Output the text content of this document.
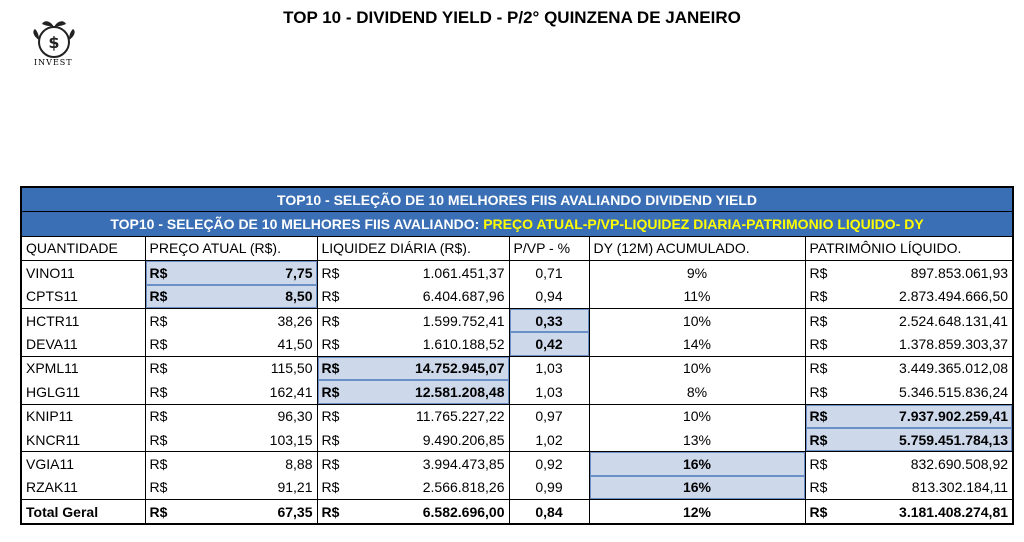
$
INVEST
TOP 10 - DIVIDEND YIELD - P/2° QUINZENA DE JANEIRO
TOP10 - SELEÇÃO DE 10 MELHORES FIIS AVALIANDO DIVIDEND YIELD					
TOP10 - SELEÇÃO DE 10 MELHORES FIIS AVALIANDO: PREÇO ATUAL-P/VP-LIQUIDEZ DIARIA-PATRIMONIO LIQUIDO- DY					
QUANTIDADE	PREÇO ATUAL (R$).	LIQUIDEZ DIÁRIA (R$).	P/VP - %	DY (12M) ACUMULADO.	PATRIMÔNIO LÍQUIDO.
VINO11	R$ 7,75	R$ 1.061.451,37	0,71	9%	R$ 897.853.061,93

CPTS11	R$ 8,50	R$ 6.404.687,96	0,94	11%	R$ 2.873.494.666,50

HCTR11	R$ 38,26	R$ 1.599.752,41	0,33	10%	R$ 2.524.648.131,41

DEVA11	R$ 41,50	R$ 1.610.188,52	0,42	14%	R$ 1.378.859.303,37

XPML11	R$ 115,50	R$ 14.752.945,07	1,03	10%	R$ 3.449.365.012,08

HGLG11	R$ 162,41	R$ 12.581.208,48	1,03	8%	R$ 5.346.515.836,24

KNIP11	R$ 96,30	R$ 11.765.227,22	0,97	10%	R$ 7.937.902.259,41

KNCR11	R$ 103,15	R$ 9.490.206,85	1,02	13%	R$ 5.759.451.784,13

VGIA11	R$ 8,88	R$ 3.994.473,85	0,92	16%	R$ 832.690.508,92

RZAK11	R$ 91,21	R$ 2.566.818,26	0,99	16%	R$ 813.302.184,11

Total Geral	R$ 67,35	R$ 6.582.696,00	0,84	12%	R$ 3.181.408.274,81
